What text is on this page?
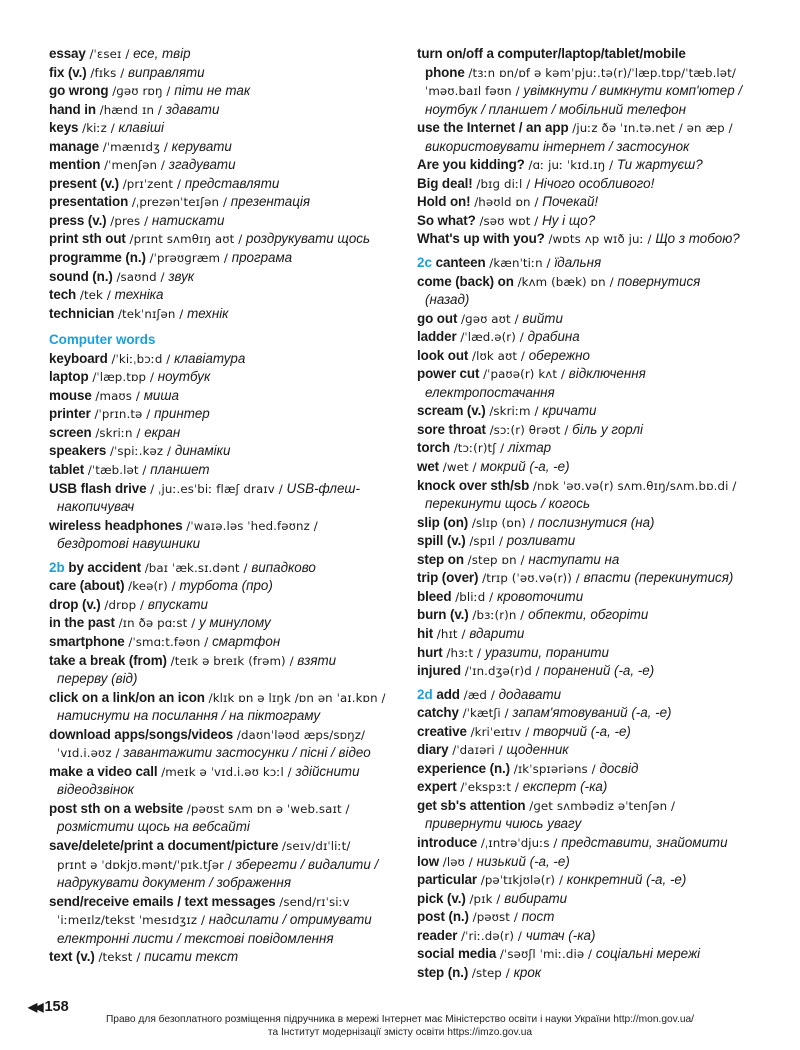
essay /ˈɛseɪ / есе, твір
fix (v.) /fɪks / виправляти
go wrong /ɡəʊ rɒŋ / піти не так
hand in /hænd ɪn / здавати
keys /kiːz / клавіші
manage /ˈmænɪdʒ / керувати
mention /ˈmenʃən / згадувати
present (v.) /prɪˈzent / представляти
presentation /ˌprezənˈteɪʃən / презентація
press (v.) /pres / натискати
print sth out /prɪnt sʌmθɪŋ aʊt / роздрукувати щось
programme (n.) /ˈprəʊɡræm / програма
sound (n.) /saʊnd / звук
tech /tek / техніка
technician /tekˈnɪʃən / технік
Computer words
keyboard /ˈkiːˌbɔːd / клавіатура
laptop /ˈlæp.tɒp / ноутбук
mouse /maʊs / миша
printer /ˈprɪn.tə / принтер
screen /skriːn / екран
speakers /ˈspiː.kəz / динаміки
tablet /ˈtæb.lət / планшет
USB flash drive / ˌjuː.esˈbiː flæʃ draɪv / USB-флеш-
накопичувач
wireless headphones /ˈwaɪə.ləs ˈhed.fəʊnz /
бездротові навушники
2b by accident /baɪ ˈæk.sɪ.dənt / випадково
care (about) /keə(r) / турбота (про)
drop (v.) /drɒp / впускати
in the past /ɪn ðə pɑːst / у минулому
smartphone /ˈsmɑːt.fəʊn / смартфон
take a break (from) /teɪk ə breɪk (frəm) / взяти
перерву (від)
click on a link/on an icon /klɪk ɒn ə lɪŋk /ɒn ən ˈaɪ.kɒn /
натиснути на посилання / на піктограму
download apps/songs/videos /daʊnˈləʊd æps/sɒŋz/
ˈvɪd.i.əʊz / завантажити застосунки / пісні / відео
make a video call /meɪk ə ˈvɪd.i.əʊ kɔːl / здійснити
відеодзвінок
post sth on a website /pəʊst sʌm ɒn ə ˈweb.saɪt /
розмістити щось на вебсайті
save/delete/print a document/picture /seɪv/dɪˈliːt/
prɪnt ə ˈdɒkjʊ.mənt/ˈpɪk.tʃər / зберегти / видалити /
надрукувати документ / зображення
send/receive emails / text messages /send/rɪˈsiːv
ˈiːmeɪlz/tekst ˈmesɪdʒɪz / надсилати / отримувати
електронні листи / текстові повідомлення
text (v.) /tekst / писати текст
turn on/off a computer/laptop/tablet/mobile
phone /tɜːn ɒn/ɒf ə kəmˈpjuː.tə(r)/ˈlæp.tɒp/ˈtæb.lət/
ˈməʊ.baɪl fəʊn / увімкнути / вимкнути комп'ютер /
ноутбук / планшет / мобільний телефон
use the Internet / an app /juːz ðə ˈɪn.tə.net / ən æp /
використовувати інтернет / застосунок
Are you kidding? /ɑː juː ˈkɪd.ɪŋ / Ти жартуєш?
Big deal! /bɪɡ diːl / Нічого особливого!
Hold on! /həʊld ɒn / Почекай!
So what? /səʊ wɒt / Ну і що?
What's up with you? /wɒts ʌp wɪð juː / Що з тобою?
2c canteen /kænˈtiːn / їдальня
come (back) on /kʌm (bæk) ɒn / повернутися
(назад)
go out /ɡəʊ aʊt / вийти
ladder /ˈlæd.ə(r) / драбина
look out /lʊk aʊt / обережно
power cut /ˈpaʊə(r) kʌt / відключення
електропостачання
scream (v.) /skriːm / кричати
sore throat /sɔː(r) θrəʊt / біль у горлі
torch /tɔː(r)tʃ / ліхтар
wet /wet / мокрий (-а, -е)
knock over sth/sb /nɒk ˈəʊ.və(r) sʌm.θɪŋ/sʌm.bɒ.di /
перекинути щось / когось
slip (on) /slɪp (ɒn) / послизнутися (на)
spill (v.) /spɪl / розливати
step on /step ɒn / наступати на
trip (over) /trɪp (ˈəʊ.və(r)) / впасти (перекинутися)
bleed /bliːd / кровоточити
burn (v.) /bɜː(r)n / обпекти, обгоріти
hit /hɪt / вдарити
hurt /hɜːt / уразити, поранити
injured /ˈɪn.dʒə(r)d / поранений (-а, -е)
2d add /æd / додавати
catchy /ˈkætʃi / запам'ятовуваний (-а, -е)
creative /kriˈeɪtɪv / творчий (-а, -е)
diary /ˈdaɪəri / щоденник
experience (n.) /ɪkˈspɪəriəns / досвід
expert /ˈekspɜːt / експерт (-ка)
get sb's attention /ɡet sʌmbədiz əˈtenʃən /
привернути чиюсь увагу
introduce /ˌɪntrəˈdjuːs / представити, знайомити
low /ləʊ / низький (-а, -е)
particular /pəˈtɪkjʊlə(r) / конкретний (-а, -е)
pick (v.) /pɪk / вибирати
post (n.) /pəʊst / пост
reader /ˈriː.də(r) / читач (-ка)
social media /ˈsəʊʃl ˈmiː.diə / соціальні мережі
step (n.) /step / крок
◀◀ 158
Право для безоплатного розміщення підручника в мережі Інтернет має Міністерство освіти і науки України http://mon.gov.ua/
та Інститут модернізації змісту освіти https://imzo.gov.ua
